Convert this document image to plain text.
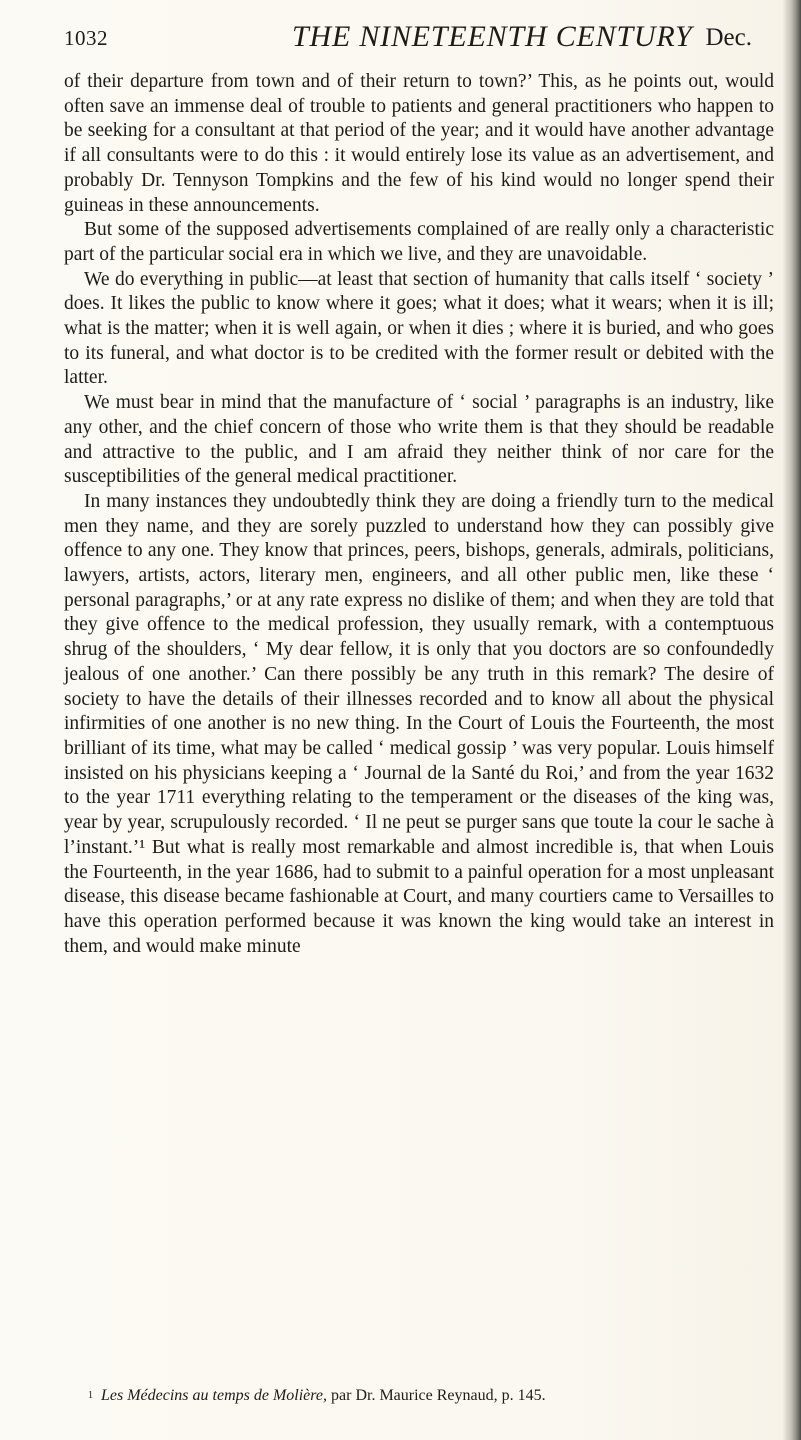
1032	THE NINETEENTH CENTURY Dec.

of their departure from town and of their return to town?’ This, as he points out, would often save an immense deal of trouble to patients and general practitioners who happen to be seeking for a consultant at that period of the year; and it would have another advantage if all consultants were to do this : it would entirely lose its value as an advertisement, and probably Dr. Tennyson Tompkins and the few of his kind would no longer spend their guineas in these announcements.

But some of the supposed advertisements complained of are really only a characteristic part of the particular social era in which we live, and they are unavoidable.

We do everything in public—at least that section of humanity that calls itself ‘ society ’ does. It likes the public to know where it goes; what it does; what it wears; when it is ill; what is the matter; when it is well again, or when it dies ; where it is buried, and who goes to its funeral, and what doctor is to be credited with the former result or debited with the latter.

We must bear in mind that the manufacture of ‘ social ’ paragraphs is an industry, like any other, and the chief concern of those who write them is that they should be readable and attractive to the public, and I am afraid they neither think of nor care for the susceptibilities of the general medical practitioner.

In many instances they undoubtedly think they are doing a friendly turn to the medical men they name, and they are sorely puzzled to understand how they can possibly give offence to any one. They know that princes, peers, bishops, generals, admirals, politicians, lawyers, artists, actors, literary men, engineers, and all other public men, like these ‘ personal paragraphs,’ or at any rate express no dislike of them; and when they are told that they give offence to the medical profession, they usually remark, with a contemptuous shrug of the shoulders, ‘ My dear fellow, it is only that you doctors are so confoundedly jealous of one another.’ Can there possibly be any truth in this remark? The desire of society to have the details of their illnesses recorded and to know all about the physical infirmities of one another is no new thing. In the Court of Louis the Fourteenth, the most brilliant of its time, what may be called ‘ medical gossip ’ was very popular. Louis himself insisted on his physicians keeping a ‘ Journal de la Santé du Roi,’ and from the year 1632 to the year 1711 everything relating to the temperament or the diseases of the king was, year by year, scrupulously recorded. ‘ Il ne peut se purger sans que toute la cour le sache à l’instant.’¹ But what is really most remarkable and almost incredible is, that when Louis the Fourteenth, in the year 1686, had to submit to a painful operation for a most unpleasant disease, this disease became fashionable at Court, and many courtiers came to Versailles to have this operation performed because it was known the king would take an interest in them, and would make minute

$^1$ Les Médecins au temps de Molière, par Dr. Maurice Reynaud, p. 145.
